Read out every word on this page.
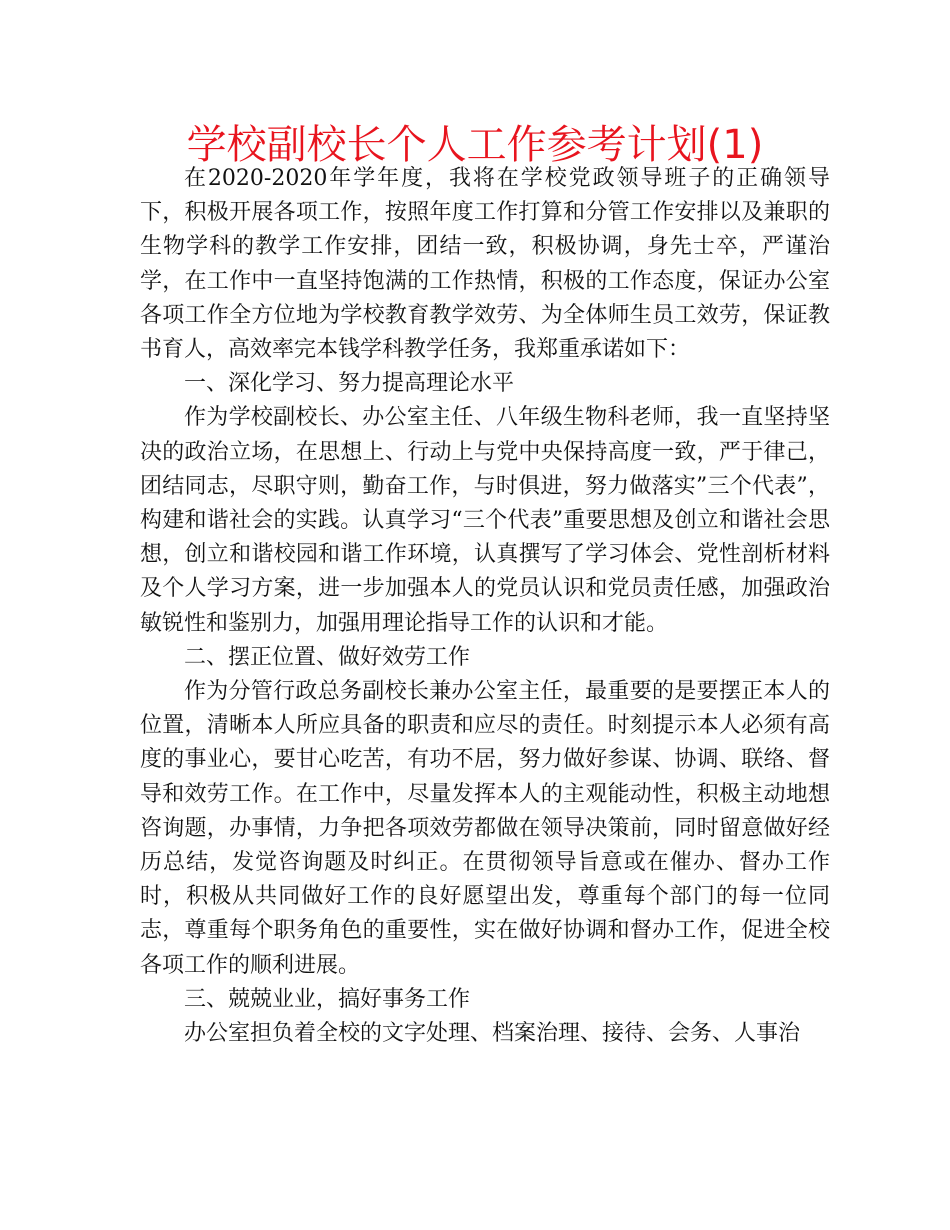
学校副校长个人工作参考计划(1)

在2020-2020年学年度，我将在学校党政领导班子的正确领导下，积极开展各项工作，按照年度工作打算和分管工作安排以及兼职的生物学科的教学工作安排，团结一致，积极协调，身先士卒，严谨治学，在工作中一直坚持饱满的工作热情，积极的工作态度，保证办公室各项工作全方位地为学校教育教学效劳、为全体师生员工效劳，保证教书育人，高效率完本钱学科教学任务，我郑重承诺如下：

一、深化学习、努力提高理论水平

作为学校副校长、办公室主任、八年级生物科老师，我一直坚持坚决的政治立场，在思想上、行动上与党中央保持高度一致，严于律己，团结同志，尽职守则，勤奋工作，与时俱进，努力做落实”三个代表”，构建和谐社会的实践。认真学习“三个代表”重要思想及创立和谐社会思想，创立和谐校园和谐工作环境，认真撰写了学习体会、党性剖析材料及个人学习方案，进一步加强本人的党员认识和党员责任感，加强政治敏锐性和鉴别力，加强用理论指导工作的认识和才能。

二、摆正位置、做好效劳工作

作为分管行政总务副校长兼办公室主任，最重要的是要摆正本人的位置，清晰本人所应具备的职责和应尽的责任。时刻提示本人必须有高度的事业心，要甘心吃苦，有功不居，努力做好参谋、协调、联络、督导和效劳工作。在工作中，尽量发挥本人的主观能动性，积极主动地想咨询题，办事情，力争把各项效劳都做在领导决策前，同时留意做好经历总结，发觉咨询题及时纠正。在贯彻领导旨意或在催办、督办工作时，积极从共同做好工作的良好愿望出发，尊重每个部门的每一位同志，尊重每个职务角色的重要性，实在做好协调和督办工作，促进全校各项工作的顺利进展。

三、兢兢业业，搞好事务工作

办公室担负着全校的文字处理、档案治理、接待、会务、人事治
